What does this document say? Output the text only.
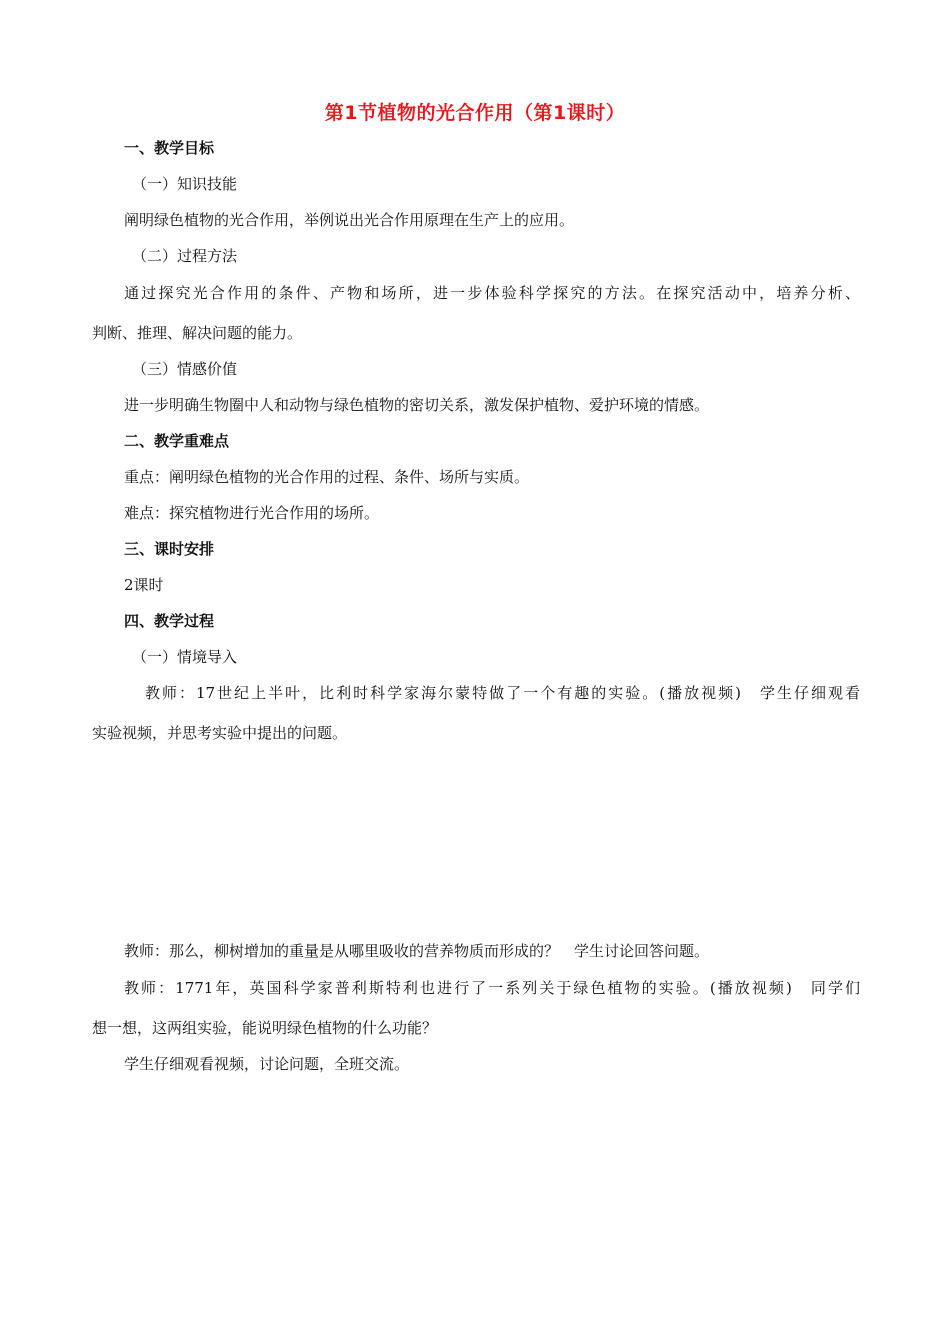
第1节植物的光合作用（第1课时）
一、教学目标
（一）知识技能
阐明绿色植物的光合作用，举例说出光合作用原理在生产上的应用。
（二）过程方法
通过探究光合作用的条件、产物和场所，进一步体验科学探究的方法。在探究活动中，培养分析、
判断、推理、解决问题的能力。
（三）情感价值
进一步明确生物圈中人和动物与绿色植物的密切关系，激发保护植物、爱护环境的情感。
二、教学重难点
重点：阐明绿色植物的光合作用的过程、条件、场所与实质。
难点：探究植物进行光合作用的场所。
三、课时安排
2课时
四、教学过程
（一）情境导入
教师：17世纪上半叶，比利时科学家海尔蒙特做了一个有趣的实验。(播放视频)　学生仔细观看
实验视频，并思考实验中提出的问题。
教师：那么，柳树增加的重量是从哪里吸收的营养物质而形成的？　学生讨论回答问题。
教师：1771年，英国科学家普利斯特利也进行了一系列关于绿色植物的实验。(播放视频)　同学们
想一想，这两组实验，能说明绿色植物的什么功能？
学生仔细观看视频，讨论问题，全班交流。
